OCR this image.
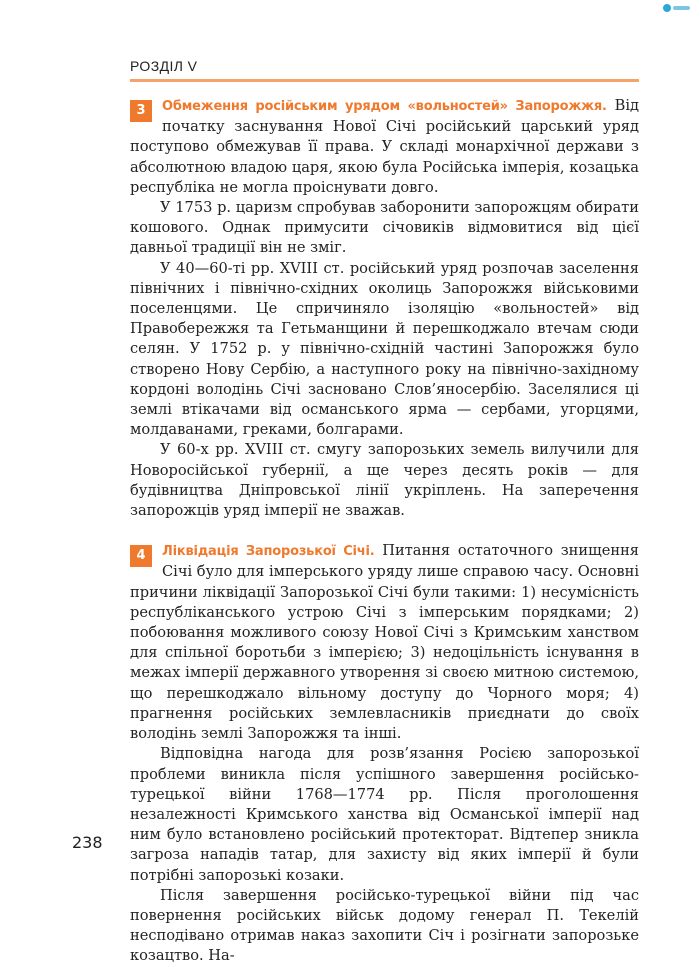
РОЗДІЛ V

3	Обмеження російським урядом «вольностей» Запорожжя. Від початку заснування Нової Січі російський царський уряд поступово обмежував її права. У складі монархічної держави з абсолютною владою царя, якою була Російська імперія, козацька республіка не могла проіснувати довго.

У 1753 р. царизм спробував заборонити запорожцям обирати кошового. Однак примусити січовиків відмовитися від цієї давньої традиції він не зміг.

У 40—60-ті рр. XVIII ст. російський уряд розпочав заселення північних і північно-східних околиць Запорожжя військовими поселенцями. Це спричиняло ізоляцію «вольностей» від Правобережжя та Гетьманщини й перешкоджало втечам сюди селян. У 1752 р. у північно-східній частині Запорожжя було створено Нову Сербію, а наступного року на північно-західному кордоні володінь Січі засновано Слов’яносербію. Заселялися ці землі втікачами від османського ярма — сербами, угорцями, молдаванами, греками, болгарами.

У 60-х рр. XVIII ст. смугу запорозьких земель вилучили для Новоросійської губернії, а ще через десять років — для будівництва Дніпровської лінії укріплень. На заперечення запорожців уряд імперії не зважав.

4	Ліквідація Запорозької Січі. Питання остаточного знищення Січі було для імперського уряду лише справою часу. Основні причини ліквідації Запорозької Січі були такими: 1) несумісність республіканського устрою Січі з імперським порядками; 2) побоювання можливого союзу Нової Січі з Кримським ханством для спільної боротьби з імперією; 3) недоцільність існування в межах імперії державного утворення зі своєю митною системою, що перешкоджало вільному доступу до Чорного моря; 4) прагнення російських землевласників приєднати до своїх володінь землі Запорожжя та інші.

Відповідна нагода для розв’язання Росією запорозької проблеми виникла після успішного завершення російсько-турецької війни 1768—1774 рр. Після проголошення незалежності Кримського ханства від Османської імперії над ним було встановлено російський протекторат. Відтепер зникла загроза нападів татар, для захисту від яких імперії й були потрібні запорозькі козаки.

Після завершення російсько-турецької війни під час повернення російських військ додому генерал П. Текелій несподівано отримав наказ захопити Січ і розігнати запорозьке козацтво. На-

238
